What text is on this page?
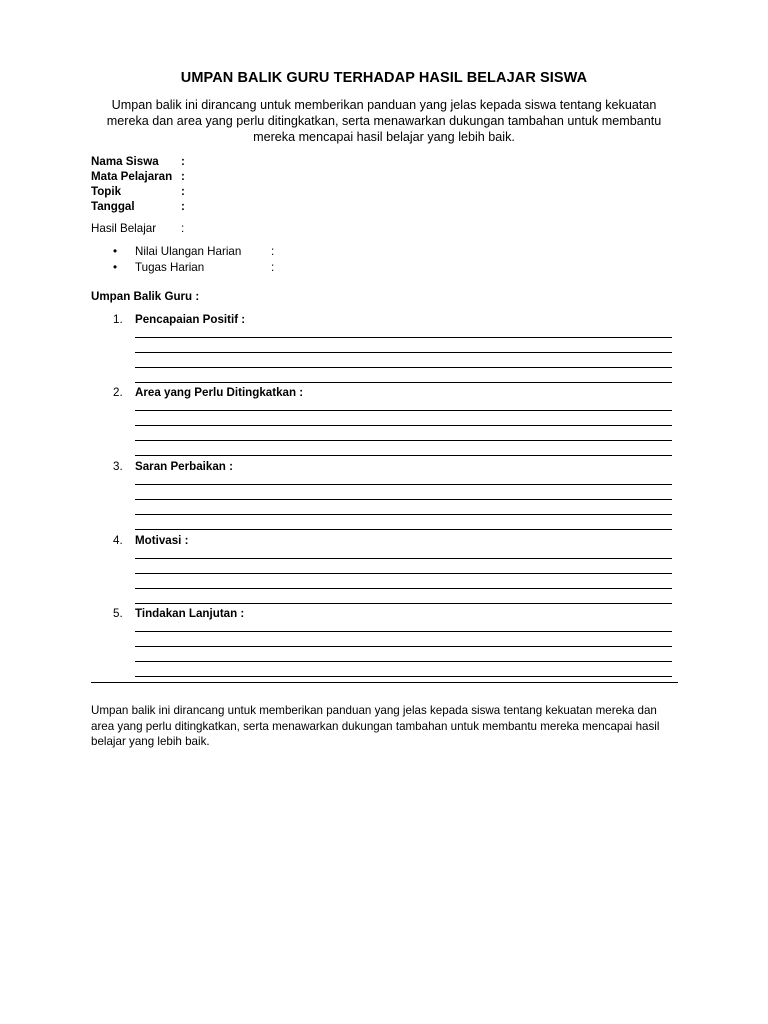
UMPAN BALIK GURU TERHADAP HASIL BELAJAR SISWA
Umpan balik ini dirancang untuk memberikan panduan yang jelas kepada siswa tentang kekuatan mereka dan area yang perlu ditingkatkan, serta menawarkan dukungan tambahan untuk membantu mereka mencapai hasil belajar yang lebih baik.
Nama Siswa :
Mata Pelajaran :
Topik	:
Tanggal	:
Hasil Belajar :
• Nilai Ulangan Harian	:
• Tugas Harian	:
Umpan Balik Guru :
1. Pencapaian Positif :
2. Area yang Perlu Ditingkatkan :
3. Saran Perbaikan :
4. Motivasi :
5. Tindakan Lanjutan :
Umpan balik ini dirancang untuk memberikan panduan yang jelas kepada siswa tentang kekuatan mereka dan area yang perlu ditingkatkan, serta menawarkan dukungan tambahan untuk membantu mereka mencapai hasil belajar yang lebih baik.
